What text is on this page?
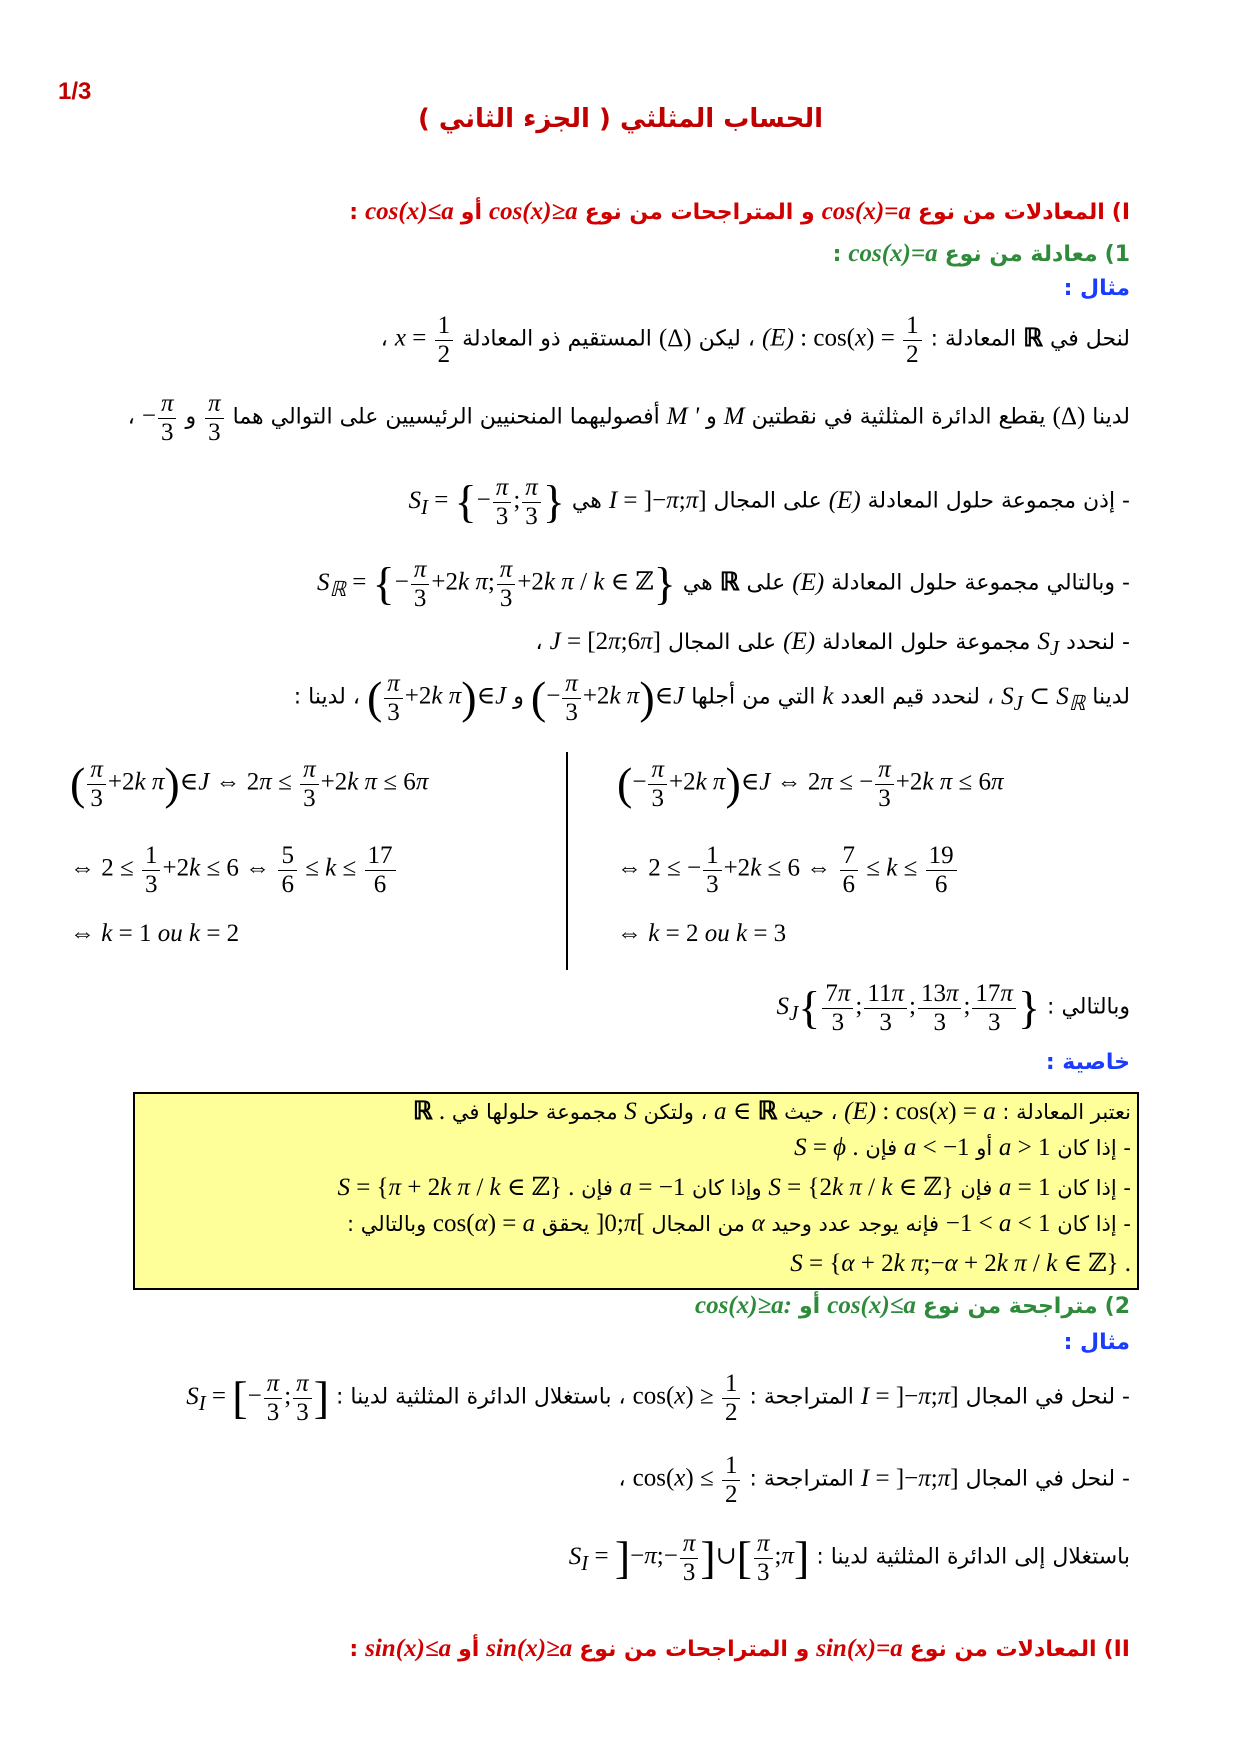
1/3
الحساب المثلثي ( الجزء الثاني )
I) المعادلات من نوع cos(x)=a و المتراجحات من نوع cos(x)≥a أو cos(x)≤a :
1) معادلة من نوع cos(x)=a :
مثال :
لنحل في ℝ المعادلة : (E) : $\cos(x) = \frac{1}{2}$
، ليكن (Δ) المستقيم ذو المعادلة $x = \frac{1}{2}$
،
لدينا (Δ) يقطع الدائرة المثلثية في نقطتين M و M ' أفصوليهما المنحنيين الرئيسيين على التوالي هما
$\frac{\pi}{3}$
و − $\frac{\pi}{3}$
،
- إذن مجموعة حلول المعادلة (E) على المجال I = ]−π;π] هي $S_I$ = {− $\frac{\pi}{3}$ ; $\frac{\pi}{3}$ }
- وبالتالي مجموعة حلول المعادلة (E) على ℝ هي $S_ℝ$ = {− $\frac{\pi}{3} +2k$ π; $\frac{\pi}{3} +2k$ π / k ∈ ℤ}
- لنحدد $S_J$ مجموعة حلول المعادلة (E) على المجال J = [2π;6π] ،
لدينا $S_J$ ⊂ $S_ℝ$ ، لنحدد قيم العدد k التي من أجلها (− $\frac{\pi}{3} +2k$ π)∈J و ( $\frac{\pi}{3} +2k$ π)∈J ، لدينا :
(− $\frac{\pi}{3} +2k$ π)∈J ⇔ 2π ≤ − $\frac{\pi}{3} +2k$ π ≤ 6π
⇔ 2 ≤ − $\frac{1}{3} +2k \le 6$ ⇔ $\frac{7}{6} \le k \le \frac{19}{6}$
⇔ k = 2 ou k = 3
( $\frac{\pi}{3} +2k$ π)∈J ⇔ $2\pi \le \frac{\pi}{3} +2k$ π ≤ 6π
⇔ $2 \le \frac{1}{3} +2k \le 6$ ⇔ $\frac{5}{6} \le k \le \frac{17}{6}$
⇔ k = 1 ou k = 2
وبالتالي : $S_J\{ \frac{7\pi}{3}$ ; $\frac{11\pi}{3}$ ; $\frac{13\pi}{3}$ ; $\frac{17\pi}{3}$ }
خاصية :
نعتبر المعادلة : (E) : cos(x) = a ، حيث a ∈ ℝ ، ولتكن S مجموعة حلولها في ℝ .
- إذا كان a > 1 أو a < −1 فإن S = ϕ .
- إذا كان a = 1 فإن S = {2k π / k ∈ ℤ} وإذا كان a = −1 فإن S = {π + 2k π / k ∈ ℤ} .
- إذا كان −1 < a < 1 فإنه يوجد عدد وحيد α من المجال ]0;π[ يحقق cos(α) = a وبالتالي :
S = {α + 2k π;−α + 2k π / k ∈ ℤ} .
2) متراجحة من نوع cos(x)≤a أو cos(x)≥a:
مثال :
- لنحل في المجال I = ]−π;π] المتراجحة : $\cos(x) \ge \frac{1}{2}$
، باستغلال الدائرة المثلثية لدينا : $S_I$ = [− $\frac{\pi}{3}$ ; $\frac{\pi}{3}$ ]
- لنحل في المجال I = ]−π;π] المتراجحة : $\cos(x) \le \frac{1}{2}$
،
باستغلال إلى الدائرة المثلثية لدينا : $S_I$ = ]−π;− $\frac{\pi}{3}$ ]∪[ $\frac{\pi}{3}$ ;π]
II) المعادلات من نوع sin(x)=a و المتراجحات من نوع sin(x)≥a أو sin(x)≤a :
